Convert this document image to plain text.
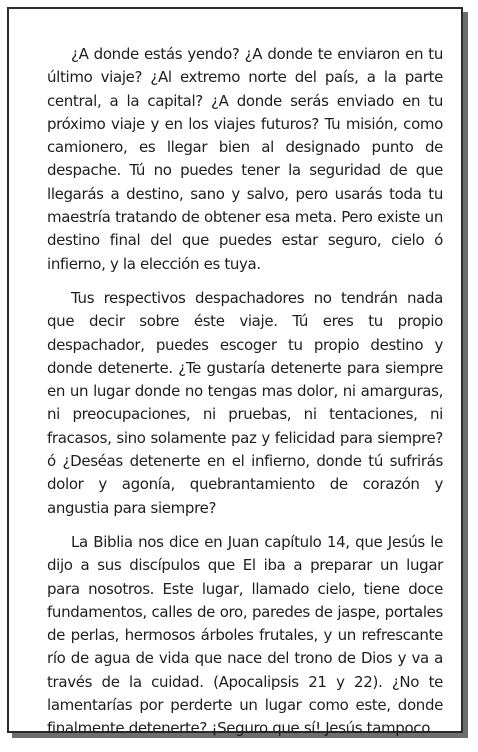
¿A donde estás yendo? ¿A donde te enviaron en tu último viaje? ¿Al extremo norte del país, a la parte central, a la capital? ¿A donde serás enviado en tu próximo viaje y en los viajes futuros? Tu misión, como camionero, es llegar bien al designado punto de despache. Tú no puedes tener la seguridad de que llegarás a destino, sano y salvo, pero usarás toda tu maestría tratando de obtener esa meta. Pero existe un destino final del que puedes estar seguro, cielo ó infierno, y la elección es tuya.

Tus respectivos despachadores no tendrán nada que decir sobre éste viaje. Tú eres tu propio despachador, puedes escoger tu propio destino y donde detenerte. ¿Te gustaría detenerte para siempre en un lugar donde no tengas mas dolor, ni amarguras, ni preocupaciones, ni pruebas, ni tentaciones, ni fracasos, sino solamente paz y felicidad para siempre? ó ¿Deséas detenerte en el infierno, donde tú sufrirás dolor y agonía, quebrantamiento de corazón y angustia para siempre?

La Biblia nos dice en Juan capítulo 14, que Jesús le dijo a sus discípulos que El iba a preparar un lugar para nosotros. Este lugar, llamado cielo, tiene doce fundamentos, calles de oro, paredes de jaspe, portales de perlas, hermosos árboles frutales, y un refrescante río de agua de vida que nace del trono de Dios y va a través de la cuidad. (Apocalipsis 21 y 22). ¿No te lamentarías por perderte un lugar como este, donde finalmente detenerte? ¡Seguro que sí! Jesús tampoco
